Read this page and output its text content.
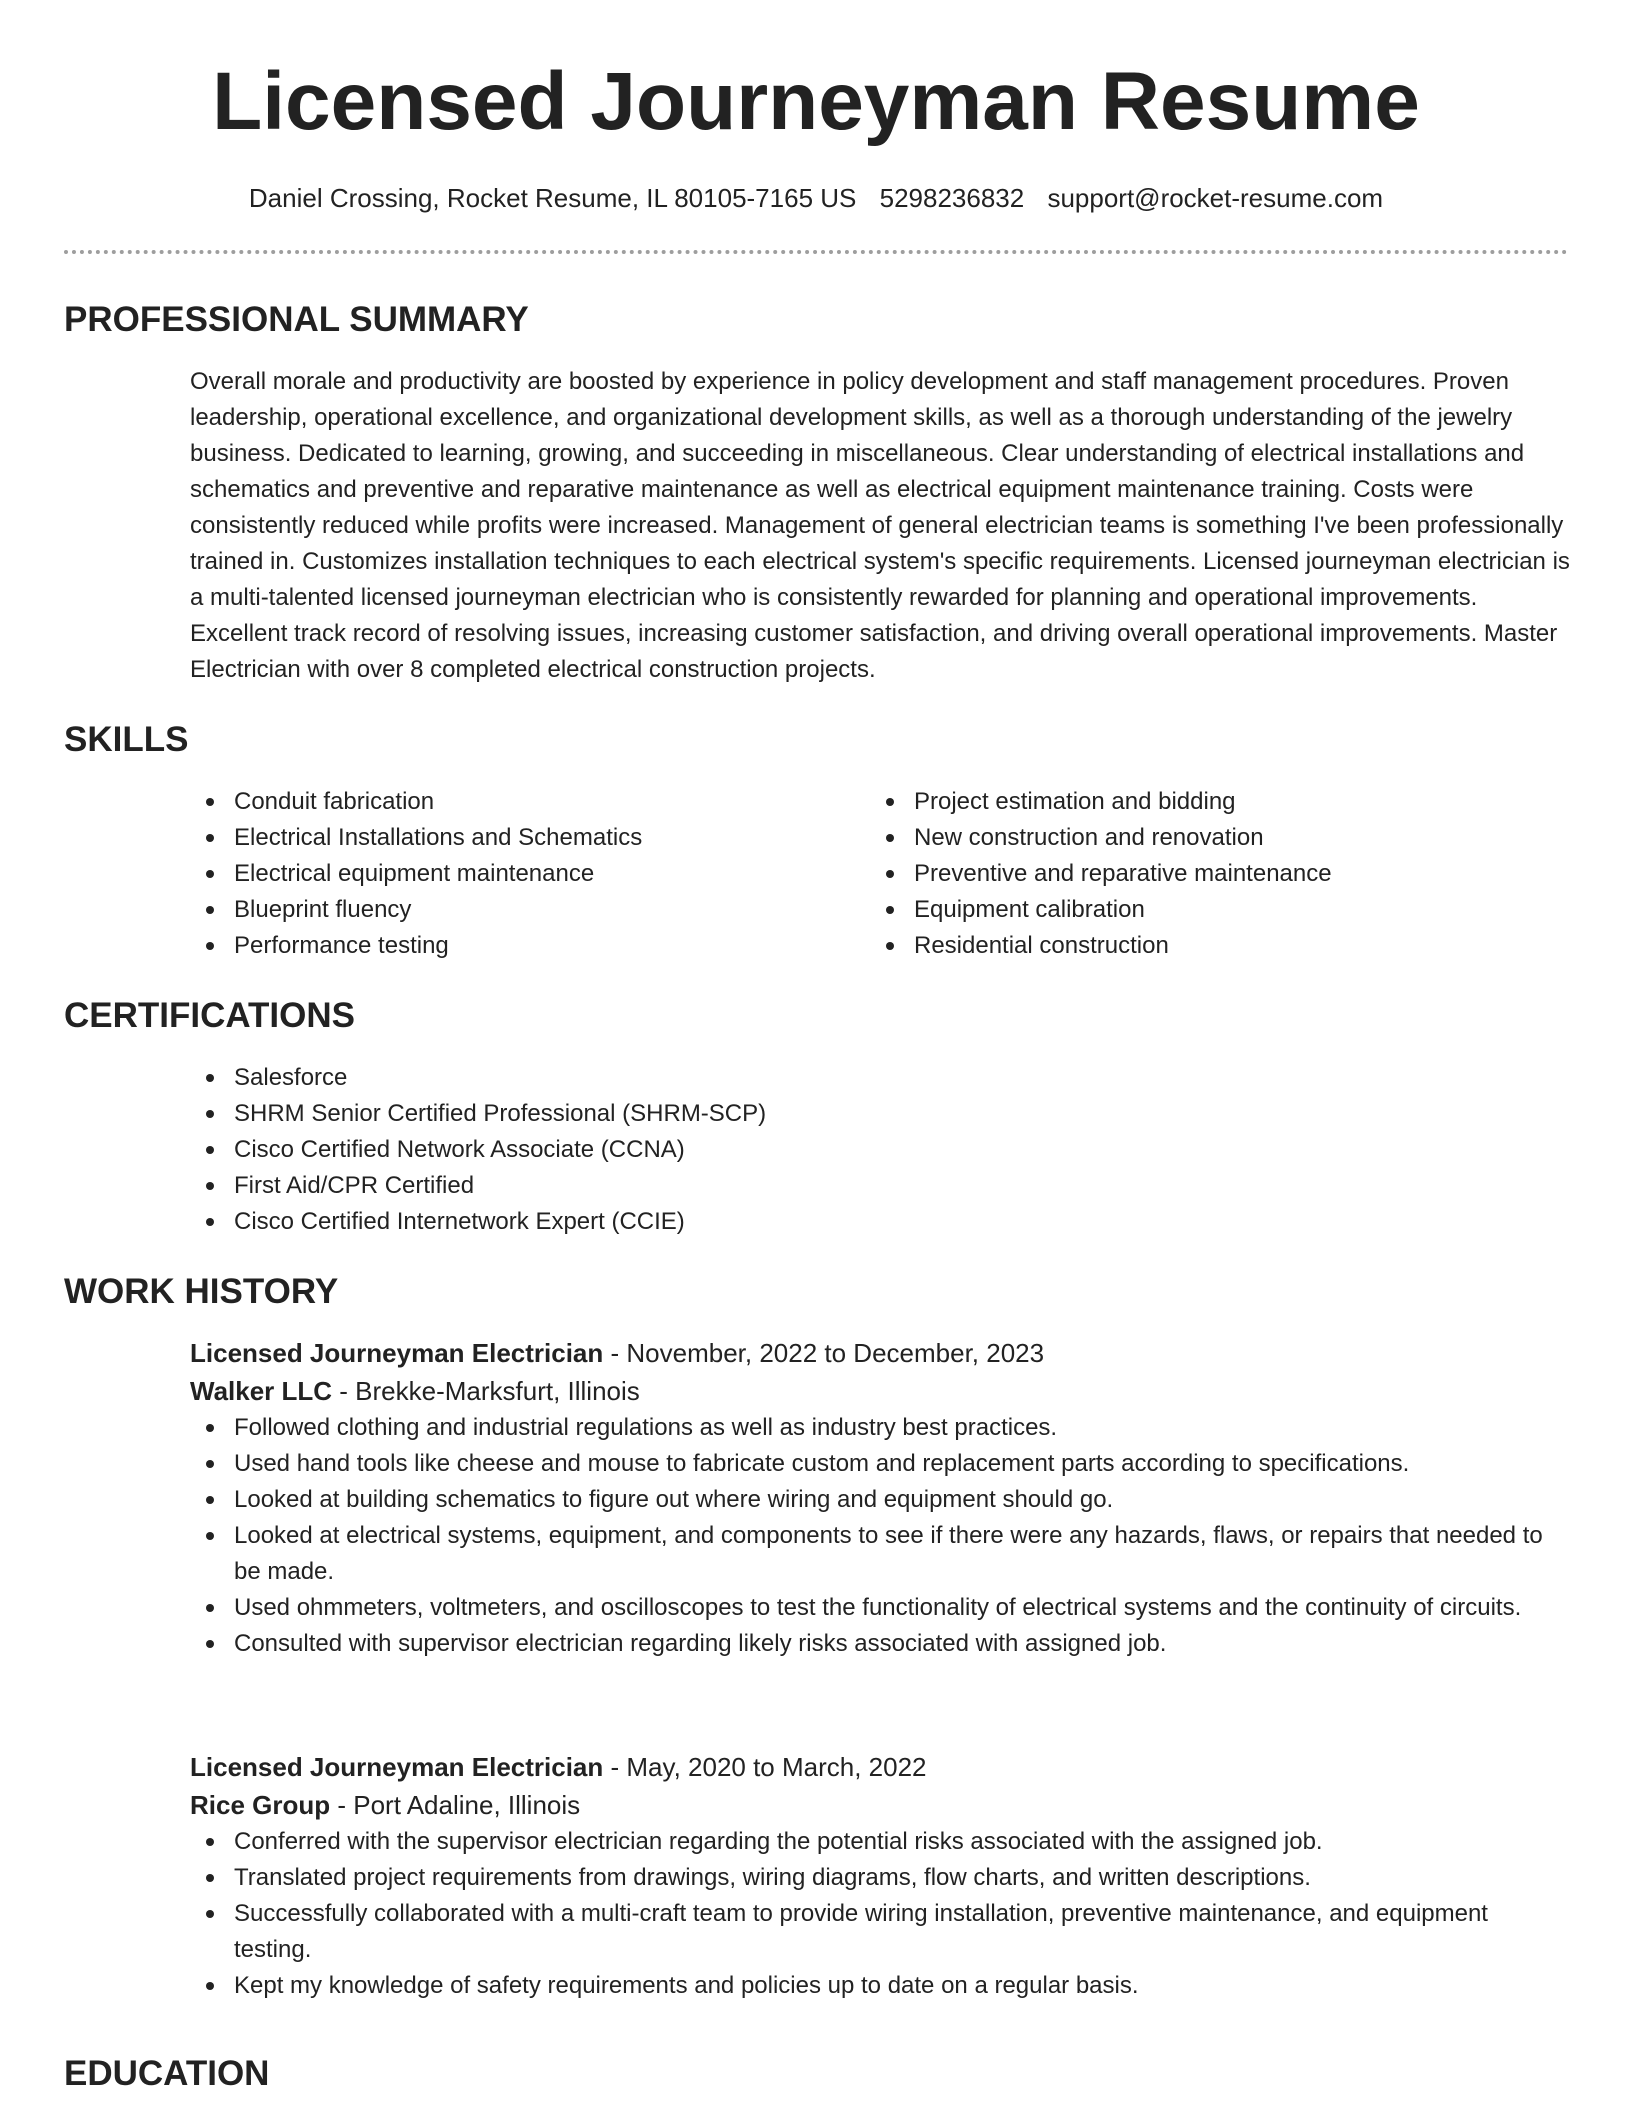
Licensed Journeyman Resume
Daniel Crossing, Rocket Resume, IL 80105-7165 US 5298236832 support@rocket-resume.com
PROFESSIONAL SUMMARY

Overall morale and productivity are boosted by experience in policy development and staff management procedures. Proven leadership, operational excellence, and organizational development skills, as well as a thorough understanding of the jewelry business. Dedicated to learning, growing, and succeeding in miscellaneous. Clear understanding of electrical installations and schematics and preventive and reparative maintenance as well as electrical equipment maintenance training. Costs were consistently reduced while profits were increased. Management of general electrician teams is something I've been professionally trained in. Customizes installation techniques to each electrical system's specific requirements. Licensed journeyman electrician is a multi-talented licensed journeyman electrician who is consistently rewarded for planning and operational improvements. Excellent track record of resolving issues, increasing customer satisfaction, and driving overall operational improvements. Master Electrician with over 8 completed electrical construction projects.

SKILLS
Conduit fabrication
Electrical Installations and Schematics
Electrical equipment maintenance
Blueprint fluency
Performance testing
Project estimation and bidding
New construction and renovation
Preventive and reparative maintenance
Equipment calibration
Residential construction
CERTIFICATIONS
Salesforce
SHRM Senior Certified Professional (SHRM-SCP)
Cisco Certified Network Associate (CCNA)
First Aid/CPR Certified
Cisco Certified Internetwork Expert (CCIE)
WORK HISTORY
Licensed Journeyman Electrician - November, 2022 to December, 2023
Walker LLC - Brekke-Marksfurt, Illinois
Followed clothing and industrial regulations as well as industry best practices.
Used hand tools like cheese and mouse to fabricate custom and replacement parts according to specifications.
Looked at building schematics to figure out where wiring and equipment should go.
Looked at electrical systems, equipment, and components to see if there were any hazards, flaws, or repairs that needed to be made.
Used ohmmeters, voltmeters, and oscilloscopes to test the functionality of electrical systems and the continuity of circuits.
Consulted with supervisor electrician regarding likely risks associated with assigned job.
Licensed Journeyman Electrician - May, 2020 to March, 2022
Rice Group - Port Adaline, Illinois
Conferred with the supervisor electrician regarding the potential risks associated with the assigned job.
Translated project requirements from drawings, wiring diagrams, flow charts, and written descriptions.
Successfully collaborated with a multi-craft team to provide wiring installation, preventive maintenance, and equipment testing.
Kept my knowledge of safety requirements and policies up to date on a regular basis.
EDUCATION
